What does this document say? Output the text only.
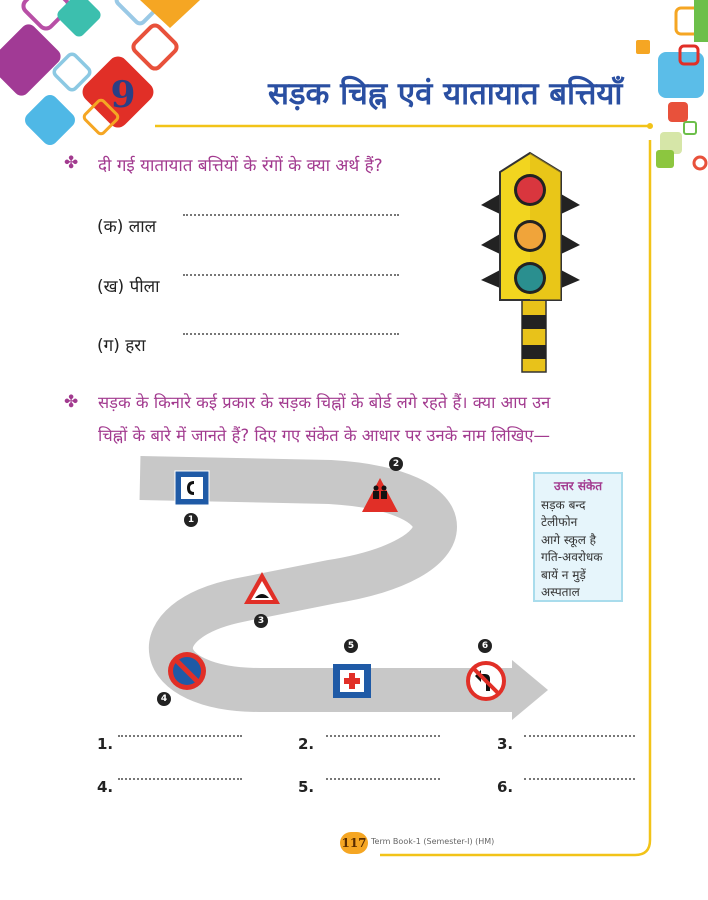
9	सड़क चिह्न एवं यातायात बत्तियाँ
✤ दी गई यातायात बत्तियों के रंगों के क्या अर्थ हैं?
(क) लाल
(ख) पीला
(ग) हरा
✤ सड़क के किनारे कई प्रकार के सड़क चिह्नों के बोर्ड लगे रहते हैं। क्या आप उन
चिह्नों के बारे में जानते हैं? दिए गए संकेत के आधार पर उनके नाम लिखिए—
1
2
3
4
5	6
उत्तर संकेत
सड़क बन्द
टेलीफोन
आगे स्कूल है
गति-अवरोधक
बायें न मुड़ें
अस्पताल
1.	2.	3.
4.	5.	6.
117 Term Book-1 (Semester-I) (HM)
